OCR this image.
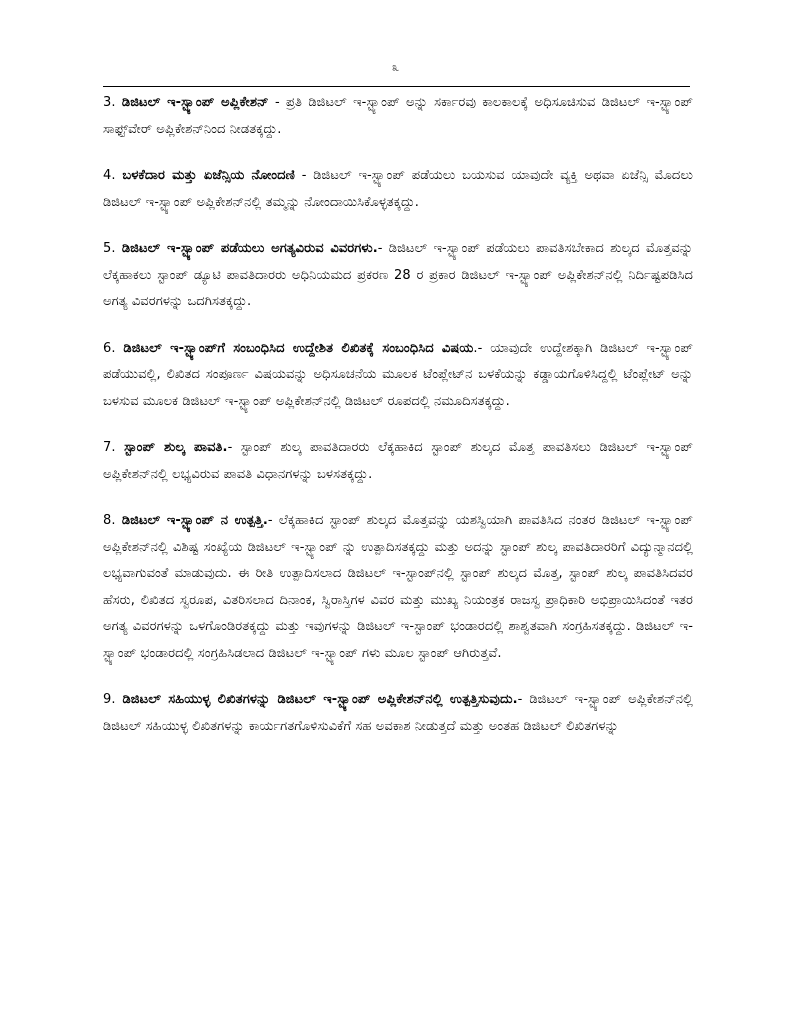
೩

3. ಡಿಜಿಟಲ್ ಇ-ಸ್ಟ್ಯಾಂಪ್ ಅಪ್ಲಿಕೇಶನ್ - ಪ್ರತಿ ಡಿಜಿಟಲ್ ಇ-ಸ್ಟ್ಯಾಂಪ್ ಅನ್ನು ಸರ್ಕಾರವು ಕಾಲಕಾಲಕ್ಕೆ ಅಧಿಸೂಚಿಸುವ ಡಿಜಿಟಲ್ ಇ-ಸ್ಟ್ಯಾಂಪ್ ಸಾಫ್ಟ್‌ವೇರ್ ಅಪ್ಲಿಕೇಶನ್‌ನಿಂದ ನೀಡತಕ್ಕದ್ದು.

4. ಬಳಕೆದಾರ ಮತ್ತು ಏಜೆನ್ಸಿಯ ನೋಂದಣಿ - ಡಿಜಿಟಲ್ ಇ-ಸ್ಟ್ಯಾಂಪ್ ಪಡೆಯಲು ಬಯಸುವ ಯಾವುದೇ ವ್ಯಕ್ತಿ ಅಥವಾ ಏಜೆನ್ಸಿ ಮೊದಲು ಡಿಜಿಟಲ್ ಇ-ಸ್ಟ್ಯಾಂಪ್ ಅಪ್ಲಿಕೇಶನ್‌ನಲ್ಲಿ ತಮ್ಮನ್ನು ನೋಂದಾಯಿಸಿಕೊಳ್ಳತಕ್ಕದ್ದು.

5. ಡಿಜಿಟಲ್ ಇ-ಸ್ಟ್ಯಾಂಪ್ ಪಡೆಯಲು ಅಗತ್ಯವಿರುವ ವಿವರಗಳು.- ಡಿಜಿಟಲ್ ಇ-ಸ್ಟ್ಯಾಂಪ್ ಪಡೆಯಲು ಪಾವತಿಸಬೇಕಾದ ಶುಲ್ಕದ ಮೊತ್ತವನ್ನು ಲೆಕ್ಕಹಾಕಲು ಸ್ಟಾಂಪ್ ಡ್ಯೂಟಿ ಪಾವತಿದಾರರು ಅಧಿನಿಯಮದ ಪ್ರಕರಣ 28 ರ ಪ್ರಕಾರ ಡಿಜಿಟಲ್ ಇ-ಸ್ಟ್ಯಾಂಪ್ ಅಪ್ಲಿಕೇಶನ್‌ನಲ್ಲಿ ನಿರ್ದಿಷ್ಟಪಡಿಸಿದ ಅಗತ್ಯ ವಿವರಗಳನ್ನು ಒದಗಿಸತಕ್ಕದ್ದು.

6. ಡಿಜಿಟಲ್ ಇ-ಸ್ಟ್ಯಾಂಪ್‌ಗೆ ಸಂಬಂಧಿಸಿದ ಉದ್ದೇಶಿತ ಲಿಖಿತಕ್ಕೆ ಸಂಬಂಧಿಸಿದ ವಿಷಯ.- ಯಾವುದೇ ಉದ್ದೇಶಕ್ಕಾಗಿ ಡಿಜಿಟಲ್ ಇ-ಸ್ಟ್ಯಾಂಪ್ ಪಡೆಯುವಲ್ಲಿ, ಲಿಖಿತದ ಸಂಪೂರ್ಣ ವಿಷಯವನ್ನು ಅಧಿಸೂಚನೆಯ ಮೂಲಕ ಟೆಂಪ್ಲೇಟ್‌ನ ಬಳಕೆಯನ್ನು ಕಡ್ಡಾಯಗೊಳಿಸಿದ್ದಲ್ಲಿ ಟೆಂಪ್ಲೇಟ್ ಅನ್ನು ಬಳಸುವ ಮೂಲಕ ಡಿಜಿಟಲ್ ಇ-ಸ್ಟ್ಯಾಂಪ್ ಅಪ್ಲಿಕೇಶನ್‌ನಲ್ಲಿ ಡಿಜಿಟಲ್ ರೂಪದಲ್ಲಿ ನಮೂದಿಸತಕ್ಕದ್ದು.

7. ಸ್ಟಾಂಪ್ ಶುಲ್ಕ ಪಾವತಿ.- ಸ್ಟಾಂಪ್ ಶುಲ್ಕ ಪಾವತಿದಾರರು ಲೆಕ್ಕಹಾಕಿದ ಸ್ಟಾಂಪ್ ಶುಲ್ಕದ ಮೊತ್ತ ಪಾವತಿಸಲು ಡಿಜಿಟಲ್ ಇ-ಸ್ಟ್ಯಾಂಪ್ ಅಪ್ಲಿಕೇಶನ್‌ನಲ್ಲಿ ಲಭ್ಯವಿರುವ ಪಾವತಿ ವಿಧಾನಗಳನ್ನು ಬಳಸತಕ್ಕದ್ದು.

8. ಡಿಜಿಟಲ್ ಇ-ಸ್ಟ್ಯಾಂಪ್ ನ ಉತ್ಪತ್ತಿ.- ಲೆಕ್ಕಹಾಕಿದ ಸ್ಟಾಂಪ್ ಶುಲ್ಕದ ಮೊತ್ತವನ್ನು ಯಶಸ್ವಿಯಾಗಿ ಪಾವತಿಸಿದ ನಂತರ ಡಿಜಿಟಲ್ ಇ-ಸ್ಟ್ಯಾಂಪ್ ಅಪ್ಲಿಕೇಶನ್‌ನಲ್ಲಿ ವಿಶಿಷ್ಟ ಸಂಖ್ಯೆಯ ಡಿಜಿಟಲ್ ಇ-ಸ್ಟ್ಯಾಂಪ್ ನ್ನು ಉತ್ಪಾದಿಸತಕ್ಕದ್ದು ಮತ್ತು ಅದನ್ನು ಸ್ಟಾಂಪ್ ಶುಲ್ಕ ಪಾವತಿದಾರರಿಗೆ ವಿದ್ಯುನ್ಮಾನದಲ್ಲಿ ಲಭ್ಯವಾಗುವಂತೆ ಮಾಡುವುದು. ಈ ರೀತಿ ಉತ್ಪಾದಿಸಲಾದ ಡಿಜಿಟಲ್ ಇ-ಸ್ಟಾಂಪ್‌ನಲ್ಲಿ ಸ್ಟಾಂಪ್ ಶುಲ್ಕದ ಮೊತ್ತ, ಸ್ಟಾಂಪ್ ಶುಲ್ಕ ಪಾವತಿಸಿದವರ ಹೆಸರು, ಲಿಖಿತದ ಸ್ವರೂಪ, ವಿತರಿಸಲಾದ ದಿನಾಂಕ, ಸ್ವಿರಾಸ್ತಿಗಳ ವಿವರ ಮತ್ತು ಮುಖ್ಯ ನಿಯಂತ್ರಕ ರಾಜಸ್ವ ಪ್ರಾಧಿಕಾರಿ ಅಭಿಪ್ರಾಯಿಸಿದಂತೆ ಇತರ ಅಗತ್ಯ ವಿವರಗಳನ್ನು ಒಳಗೊಂಡಿರತಕ್ಕದ್ದು ಮತ್ತು ಇವುಗಳನ್ನು ಡಿಜಿಟಲ್ ಇ-ಸ್ಟಾಂಪ್ ಭಂಡಾರದಲ್ಲಿ ಶಾಶ್ವತವಾಗಿ ಸಂಗ್ರಹಿಸತಕ್ಕದ್ದು. ಡಿಜಿಟಲ್ ಇ-ಸ್ಟ್ಯಾಂಪ್ ಭಂಡಾರದಲ್ಲಿ ಸಂಗ್ರಹಿಸಿಡಲಾದ ಡಿಜಿಟಲ್ ಇ-ಸ್ಟ್ಯಾಂಪ್ ಗಳು ಮೂಲ ಸ್ಟಾಂಪ್ ಆಗಿರುತ್ತವೆ.

9. ಡಿಜಿಟಲ್ ಸಹಿಯುಳ್ಳ ಲಿಖಿತಗಳನ್ನು ಡಿಜಿಟಲ್ ಇ-ಸ್ಟ್ಯಾಂಪ್ ಅಪ್ಲಿಕೇಶನ್‌ನಲ್ಲಿ ಉತ್ಪತ್ತಿಸುವುದು.- ಡಿಜಿಟಲ್ ಇ-ಸ್ಟ್ಯಾಂಪ್ ಅಪ್ಲಿಕೇಶನ್‌ನಲ್ಲಿ ಡಿಜಿಟಲ್ ಸಹಿಯುಳ್ಳ ಲಿಖಿತಗಳನ್ನು ಕಾರ್ಯಗತಗೊಳಿಸುವಿಕೆಗೆ ಸಹ ಅವಕಾಶ ನೀಡುತ್ತದೆ ಮತ್ತು ಅಂತಹ ಡಿಜಿಟಲ್ ಲಿಖಿತಗಳನ್ನು
